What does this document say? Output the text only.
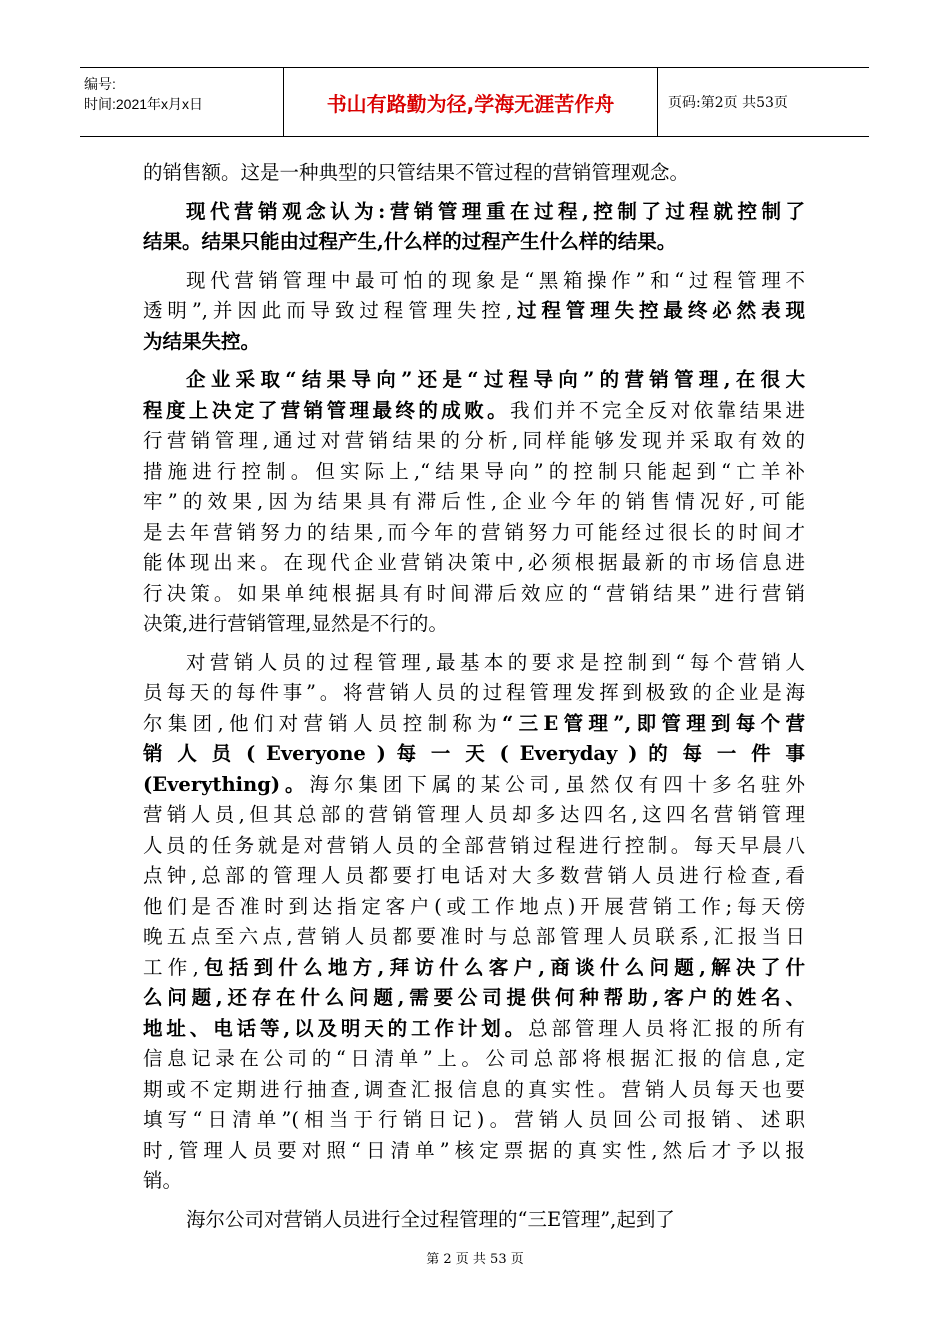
编号:
时间:2021年x月x日	书山有路勤为径,学海无涯苦作舟	页码:第2页 共53页
的销售额。这是一种典型的只管结果不管过程的营销管理观念。
现代营销观念认为:营销管理重在过程,控制了过程就控制了
结果。结果只能由过程产生,什么样的过程产生什么样的结果。
现代营销管理中最可怕的现象是“黑箱操作”和“过程管理不
透明”,并因此而导致过程管理失控,过程管理失控最终必然表现
为结果失控。
企业采取“结果导向”还是“过程导向”的营销管理,在很大
程度上决定了营销管理最终的成败。我们并不完全反对依靠结果进
行营销管理,通过对营销结果的分析,同样能够发现并采取有效的
措施进行控制。但实际上,“结果导向”的控制只能起到“亡羊补
牢”的效果,因为结果具有滞后性,企业今年的销售情况好,可能
是去年营销努力的结果,而今年的营销努力可能经过很长的时间才
能体现出来。在现代企业营销决策中,必须根据最新的市场信息进
行决策。如果单纯根据具有时间滞后效应的“营销结果”进行营销
决策,进行营销管理,显然是不行的。
对营销人员的过程管理,最基本的要求是控制到“每个营销人
员每天的每件事”。将营销人员的过程管理发挥到极致的企业是海
尔集团,他们对营销人员控制称为“三E管理”,即管理到每个营
销 人 员 ( Everyone ) 每 一 天 ( Everyday ) 的 每 一 件 事
(Everything)。海尔集团下属的某公司,虽然仅有四十多名驻外
营销人员,但其总部的营销管理人员却多达四名,这四名营销管理
人员的任务就是对营销人员的全部营销过程进行控制。每天早晨八
点钟,总部的管理人员都要打电话对大多数营销人员进行检查,看
他们是否准时到达指定客户(或工作地点)开展营销工作;每天傍
晚五点至六点,营销人员都要准时与总部管理人员联系,汇报当日
工作,包括到什么地方,拜访什么客户,商谈什么问题,解决了什
么问题,还存在什么问题,需要公司提供何种帮助,客户的姓名、
地址、电话等,以及明天的工作计划。总部管理人员将汇报的所有
信息记录在公司的“日清单”上。公司总部将根据汇报的信息,定
期或不定期进行抽查,调查汇报信息的真实性。营销人员每天也要
填写“日清单”(相当于行销日记)。营销人员回公司报销、述职
时,管理人员要对照“日清单”核定票据的真实性,然后才予以报
销。
海尔公司对营销人员进行全过程管理的“三E管理”,起到了
第 2 页 共 53 页
